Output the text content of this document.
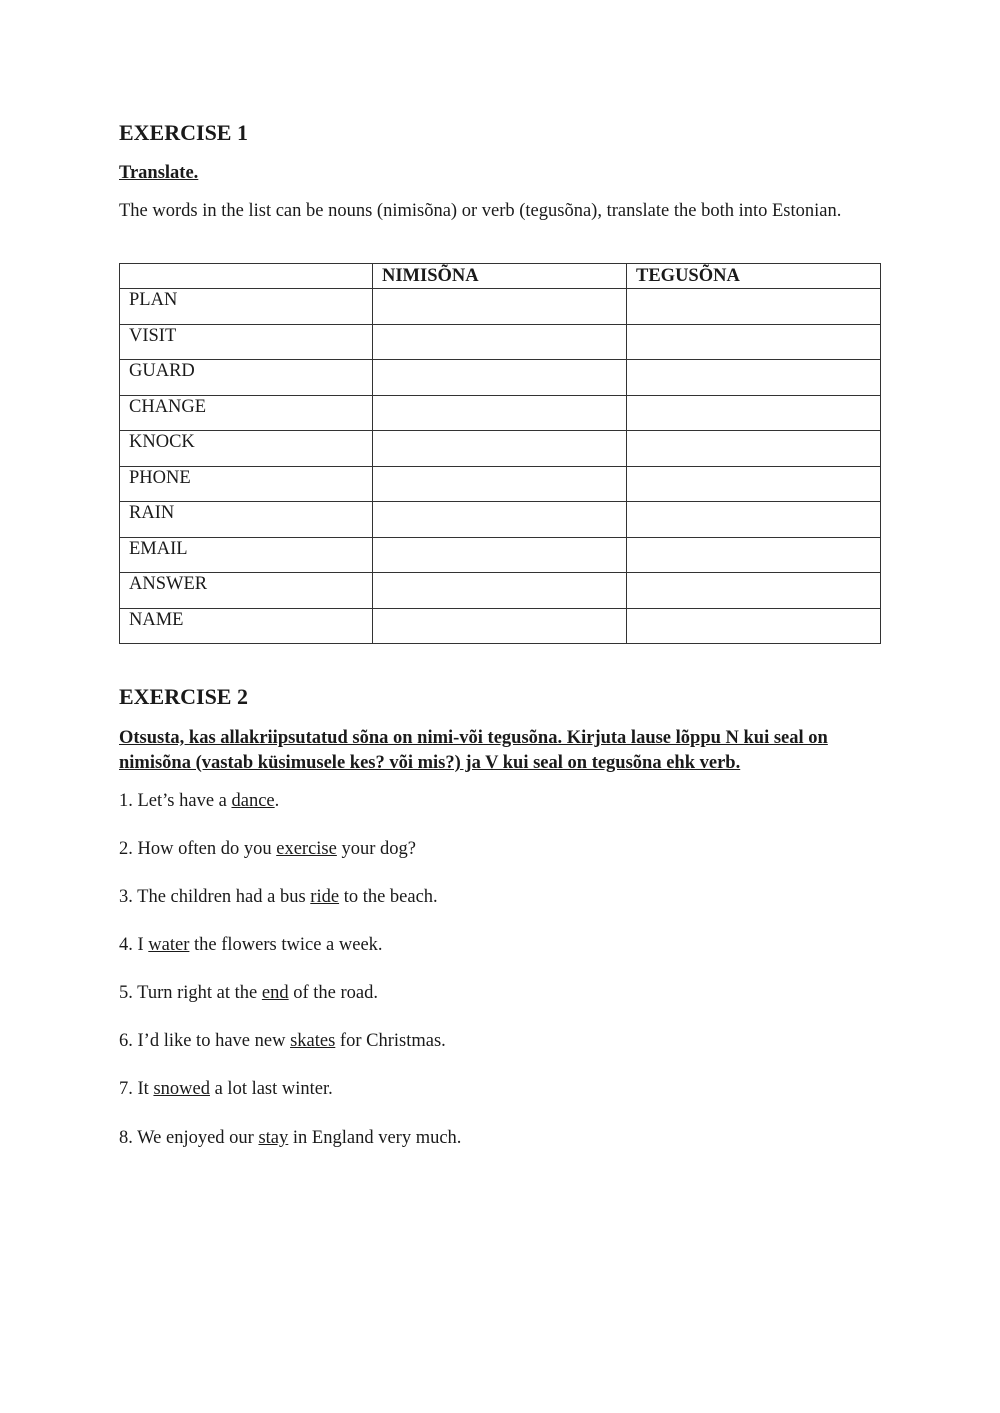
EXERCISE 1

Translate.

The words in the list can be nouns (nimisõna) or verb (tegusõna), translate the both into Estonian.

	NIMISÕNA	TEGUSÕNA
PLAN		
VISIT		
GUARD		
CHANGE		
KNOCK		
PHONE		
RAIN		
EMAIL		
ANSWER		
NAME		
EXERCISE 2

Otsusta, kas allakriipsutatud sõna on nimi-või tegusõna. Kirjuta lause lõppu N kui seal on nimisõna (vastab küsimusele kes? või mis?) ja V kui seal on tegusõna ehk verb.

1. Let’s have a dance.

2. How often do you exercise your dog?

3. The children had a bus ride to the beach.

4. I water the flowers twice a week.

5. Turn right at the end of the road.

6. I’d like to have new skates for Christmas.

7. It snowed a lot last winter.

8. We enjoyed our stay in England very much.
